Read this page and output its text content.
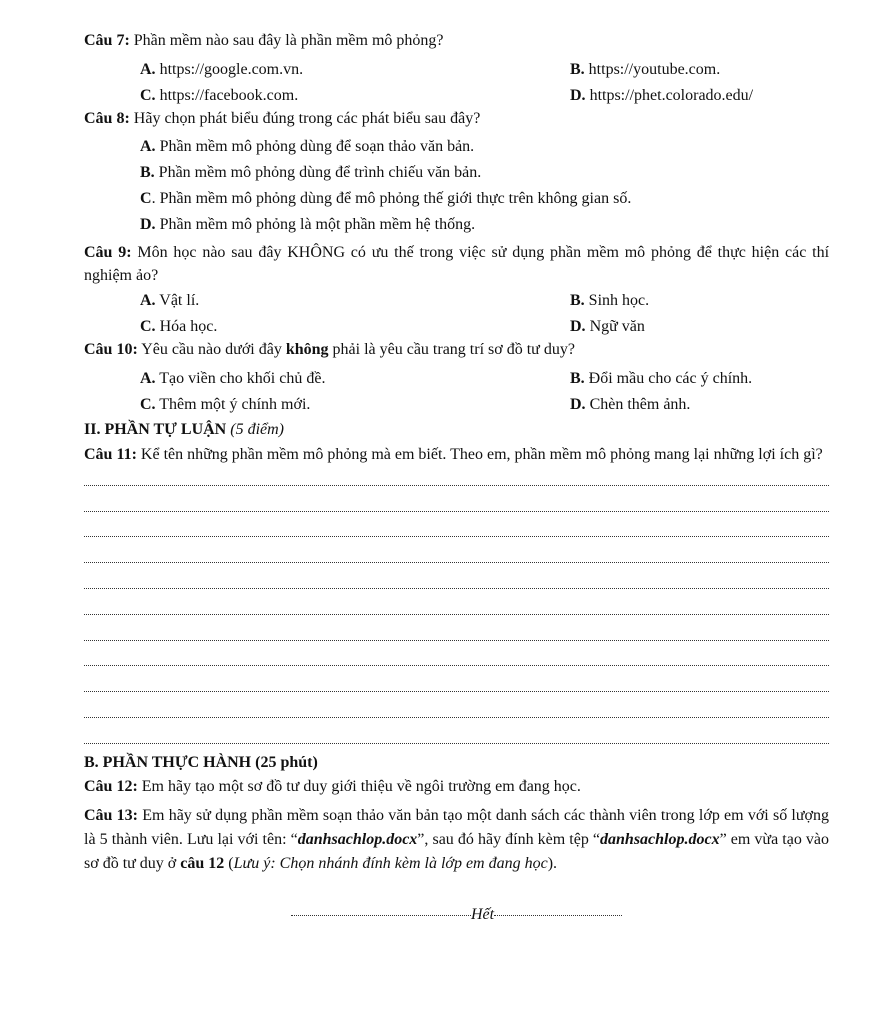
Câu 7: Phần mềm nào sau đây là phần mềm mô phỏng?
A. https://google.com.vn.	B. https://youtube.com.
C. https://facebook.com.	D. https://phet.colorado.edu/
Câu 8: Hãy chọn phát biểu đúng trong các phát biểu sau đây?
A. Phần mềm mô phỏng dùng để soạn thảo văn bản.
B. Phần mềm mô phỏng dùng để trình chiếu văn bản.
C. Phần mềm mô phỏng dùng để mô phỏng thế giới thực trên không gian số.
D. Phần mềm mô phỏng là một phần mềm hệ thống.
Câu 9: Môn học nào sau đây KHÔNG có ưu thế trong việc sử dụng phần mềm mô phỏng để thực hiện các thí nghiệm ảo?
A. Vật lí.	B. Sinh học.
C. Hóa học.	D. Ngữ văn
Câu 10: Yêu cầu nào dưới đây không phải là yêu cầu trang trí sơ đồ tư duy?
A. Tạo viền cho khối chủ đề.	B. Đổi mầu cho các ý chính.
C. Thêm một ý chính mới.	D. Chèn thêm ảnh.
II. PHẦN TỰ LUẬN (5 điểm)
Câu 11: Kể tên những phần mềm mô phỏng mà em biết. Theo em, phần mềm mô phỏng mang lại những lợi ích gì?
B. PHẦN THỰC HÀNH (25 phút)
Câu 12: Em hãy tạo một sơ đồ tư duy giới thiệu về ngôi trường em đang học.
Câu 13: Em hãy sử dụng phần mềm soạn thảo văn bản tạo một danh sách các thành viên trong lớp em với số lượng là 5 thành viên. Lưu lại với tên: “danhsachlop.docx”, sau đó hãy đính kèm tệp “danhsachlop.docx” em vừa tạo vào sơ đồ tư duy ở câu 12 (Lưu ý: Chọn nhánh đính kèm là lớp em đang học).
Hết
